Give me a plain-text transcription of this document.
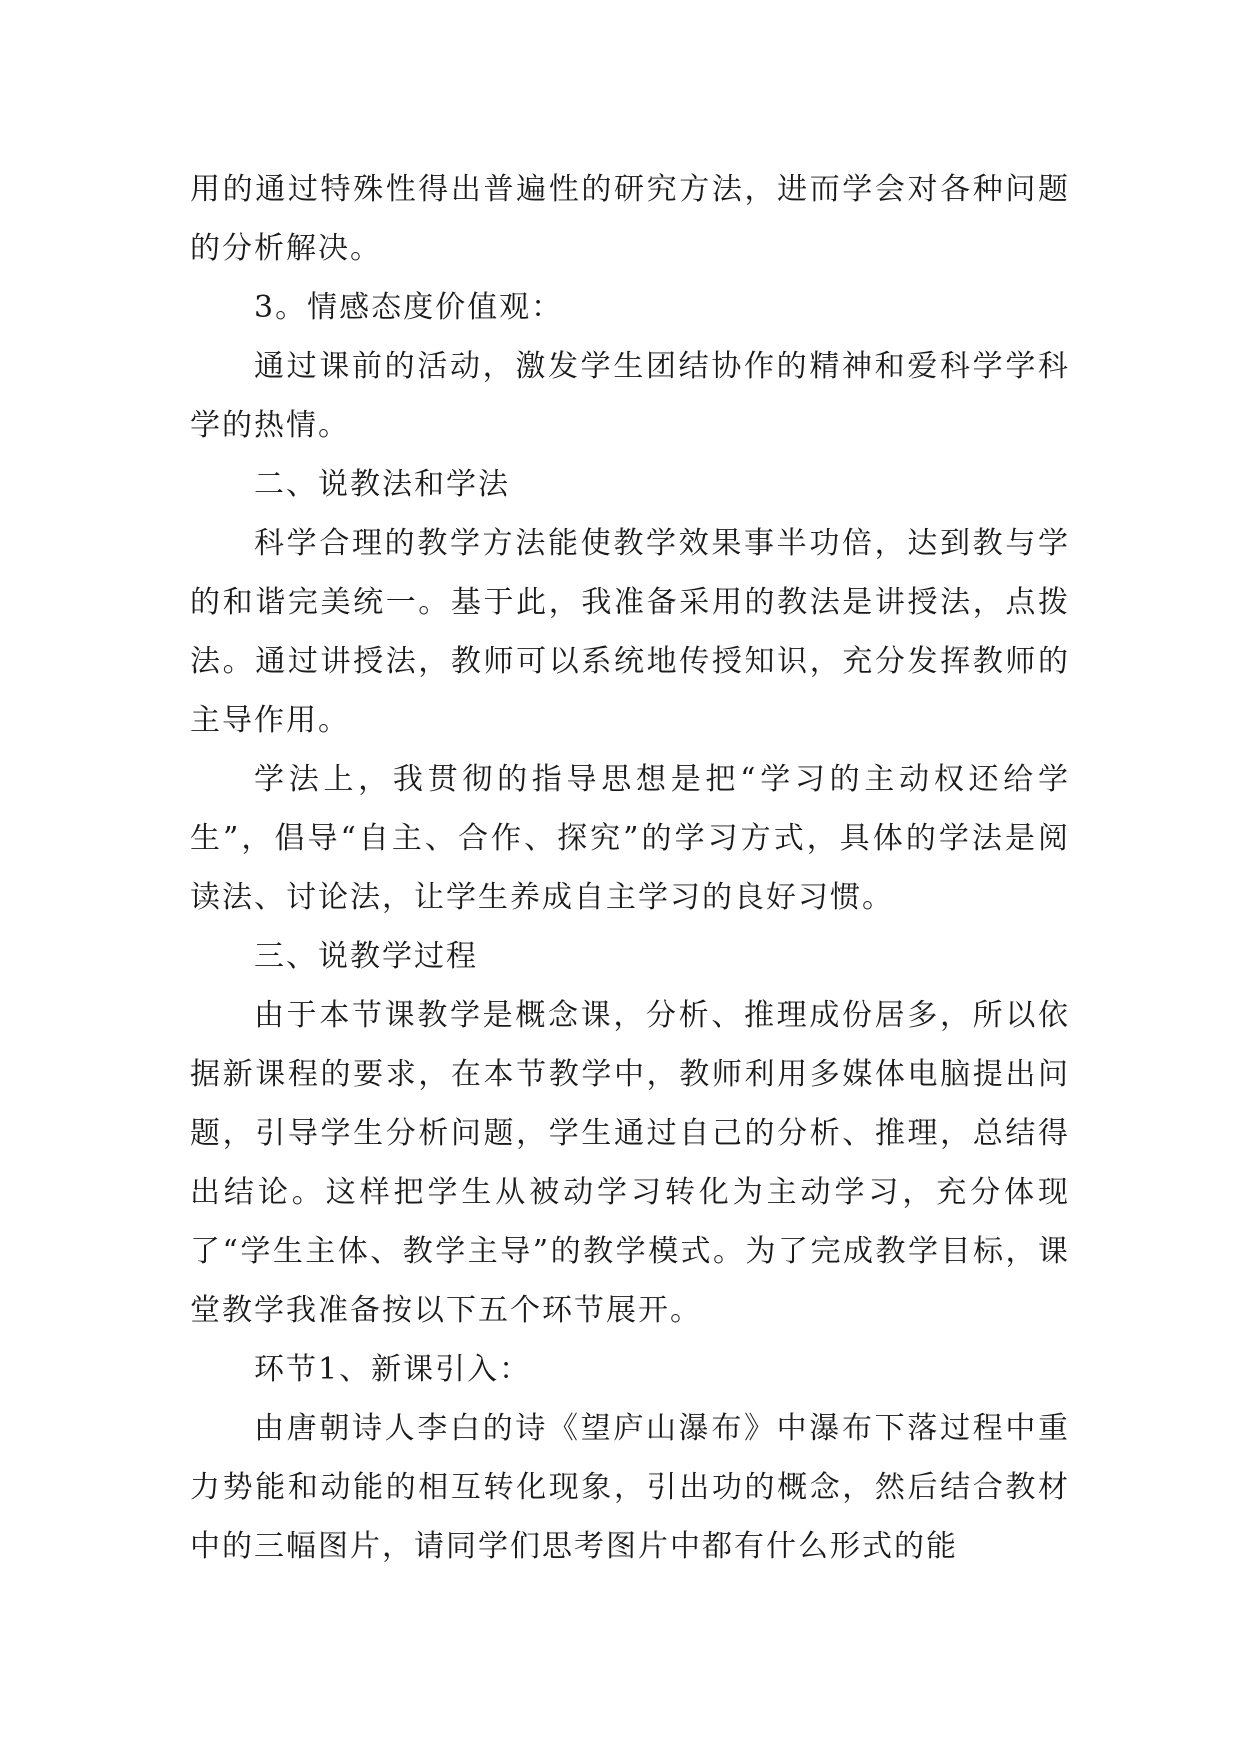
用的通过特殊性得出普遍性的研究方法，进而学会对各种问题的分析解决。

3。情感态度价值观：

通过课前的活动，激发学生团结协作的精神和爱科学学科学的热情。

二、说教法和学法

科学合理的教学方法能使教学效果事半功倍，达到教与学的和谐完美统一。基于此，我准备采用的教法是讲授法，点拨法。通过讲授法，教师可以系统地传授知识，充分发挥教师的主导作用。

学法上，我贯彻的指导思想是把“学习的主动权还给学生”，倡导“自主、合作、探究”的学习方式，具体的学法是阅读法、讨论法，让学生养成自主学习的良好习惯。

三、说教学过程

由于本节课教学是概念课，分析、推理成份居多，所以依据新课程的要求，在本节教学中，教师利用多媒体电脑提出问题，引导学生分析问题，学生通过自己的分析、推理，总结得出结论。这样把学生从被动学习转化为主动学习，充分体现了“学生主体、教学主导”的教学模式。为了完成教学目标，课堂教学我准备按以下五个环节展开。

环节1、新课引入：

由唐朝诗人李白的诗《望庐山瀑布》中瀑布下落过程中重力势能和动能的相互转化现象，引出功的概念，然后结合教材中的三幅图片，请同学们思考图片中都有什么形式的能
